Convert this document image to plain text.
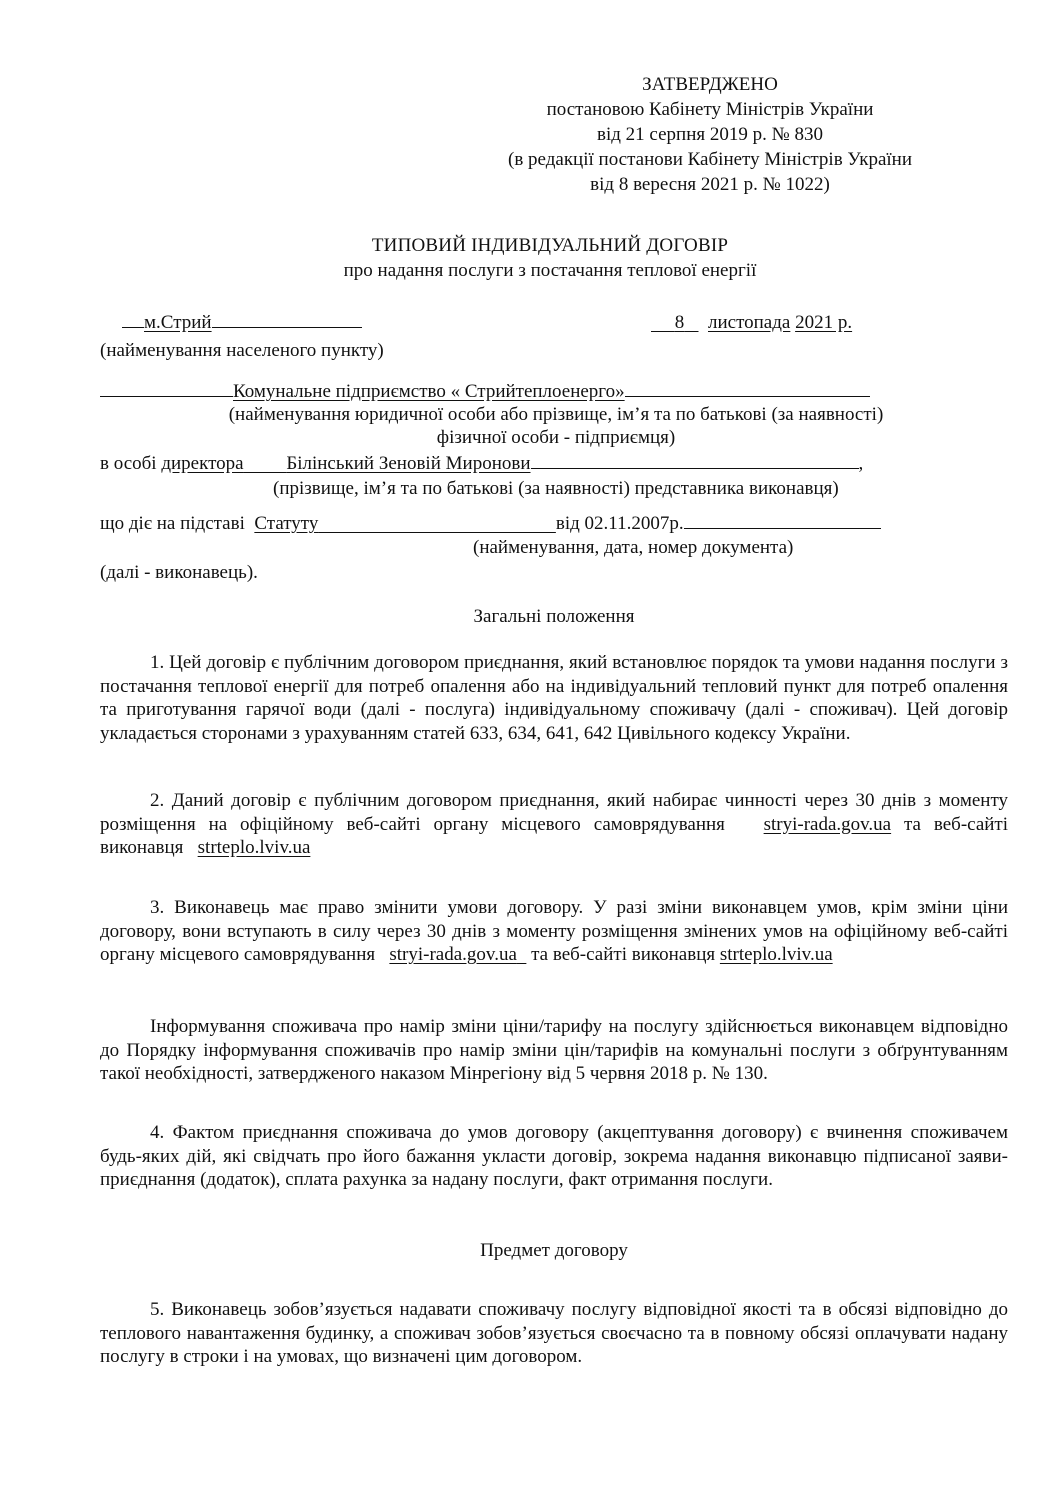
ЗАТВЕРДЖЕНО
постановою Кабінету Міністрів України
від 21 серпня 2019 р. № 830
(в редакції постанови Кабінету Міністрів України
від 8 вересня 2021 р. № 1022)
ТИПОВИЙ ІНДИВІДУАЛЬНИЙ ДОГОВІР
про надання послуги з постачання теплової енергії
м.Стрий	8 листопада 2021 р.
(найменування населеного пункту)
Комунальне підприємство « Стрийтеплоенерго»
(найменування юридичної особи або прізвище, ім’я та по батькові (за наявності)
фізичної особи - підприємця)
в особі директора Білінський Зеновій Миронови	,
(прізвище, ім’я та по батькові (за наявності) представника виконавця)
що діє на підставі Статуту	від 02.11.2007р.
(найменування, дата, номер документа)
(далі - виконавець).
Загальні положення
1. Цей договір є публічним договором приєднання, який встановлює порядок та умови надання послуги з постачання теплової енергії для потреб опалення або на індивідуальний тепловий пункт для потреб опалення та приготування гарячої води (далі - послуга) індивідуальному споживачу (далі - споживач). Цей договір укладається сторонами з урахуванням статей 633, 634, 641, 642 Цивільного кодексу України.
2. Даний договір є публічним договором приєднання, який набирає чинності через 30 днів з моменту розміщення на офіційному веб-сайті органу місцевого самоврядування stryi-rada.gov.ua та веб-сайті виконавця strteplo.lviv.ua
3. Виконавець має право змінити умови договору. У разі зміни виконавцем умов, крім зміни ціни договору, вони вступають в силу через 30 днів з моменту розміщення змінених умов на офіційному веб-сайті органу місцевого самоврядування stryi-rada.gov.ua та веб-сайті виконавця strteplo.lviv.ua
Інформування споживача про намір зміни ціни/тарифу на послугу здійснюється виконавцем відповідно до Порядку інформування споживачів про намір зміни цін/тарифів на комунальні послуги з обґрунтуванням такої необхідності, затвердженого наказом Мінрегіону від 5 червня 2018 р. № 130.
4. Фактом приєднання споживача до умов договору (акцептування договору) є вчинення споживачем будь-яких дій, які свідчать про його бажання укласти договір, зокрема надання виконавцю підписаної заяви-приєднання (додаток), сплата рахунка за надану послуги, факт отримання послуги.
Предмет договору
5. Виконавець зобов’язується надавати споживачу послугу відповідної якості та в обсязі відповідно до теплового навантаження будинку, а споживач зобов’язується своєчасно та в повному обсязі оплачувати надану послугу в строки і на умовах, що визначені цим договором.
